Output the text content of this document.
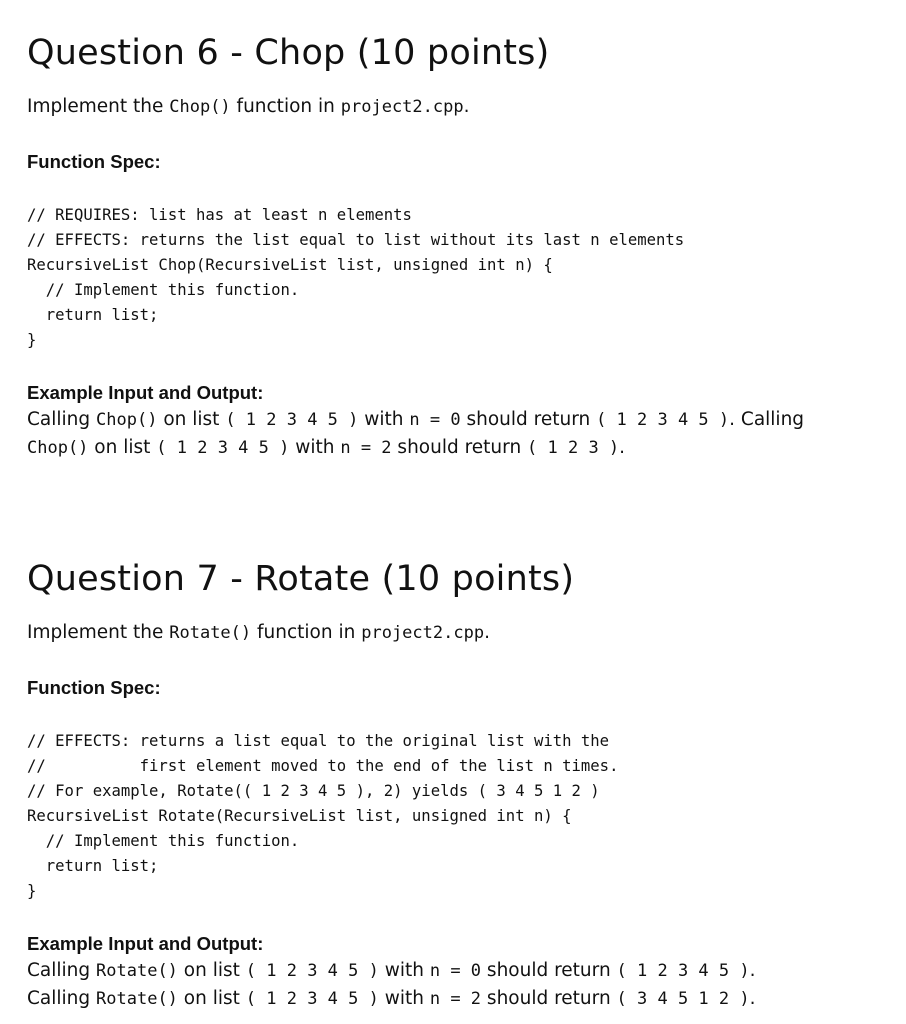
Question 6 - Chop (10 points)

Implement the Chop() function in project2.cpp.

Function Spec:

// REQUIRES: list has at least n elements
// EFFECTS: returns the list equal to list without its last n elements
RecursiveList Chop(RecursiveList list, unsigned int n) {
// Implement this function.
return list;
}

Example Input and Output:

Calling Chop() on list ( 1 2 3 4 5 ) with n = 0 should return ( 1 2 3 4 5 ). Calling

Chop() on list ( 1 2 3 4 5 ) with n = 2 should return ( 1 2 3 ).

Question 7 - Rotate (10 points)

Implement the Rotate() function in project2.cpp.

Function Spec:

// EFFECTS: returns a list equal to the original list with the
//          first element moved to the end of the list n times.
// For example, Rotate(( 1 2 3 4 5 ), 2) yields ( 3 4 5 1 2 )
RecursiveList Rotate(RecursiveList list, unsigned int n) {
// Implement this function.
return list;
}

Example Input and Output:

Calling Rotate() on list ( 1 2 3 4 5 ) with n = 0 should return ( 1 2 3 4 5 ).

Calling Rotate() on list ( 1 2 3 4 5 ) with n = 2 should return ( 3 4 5 1 2 ).
